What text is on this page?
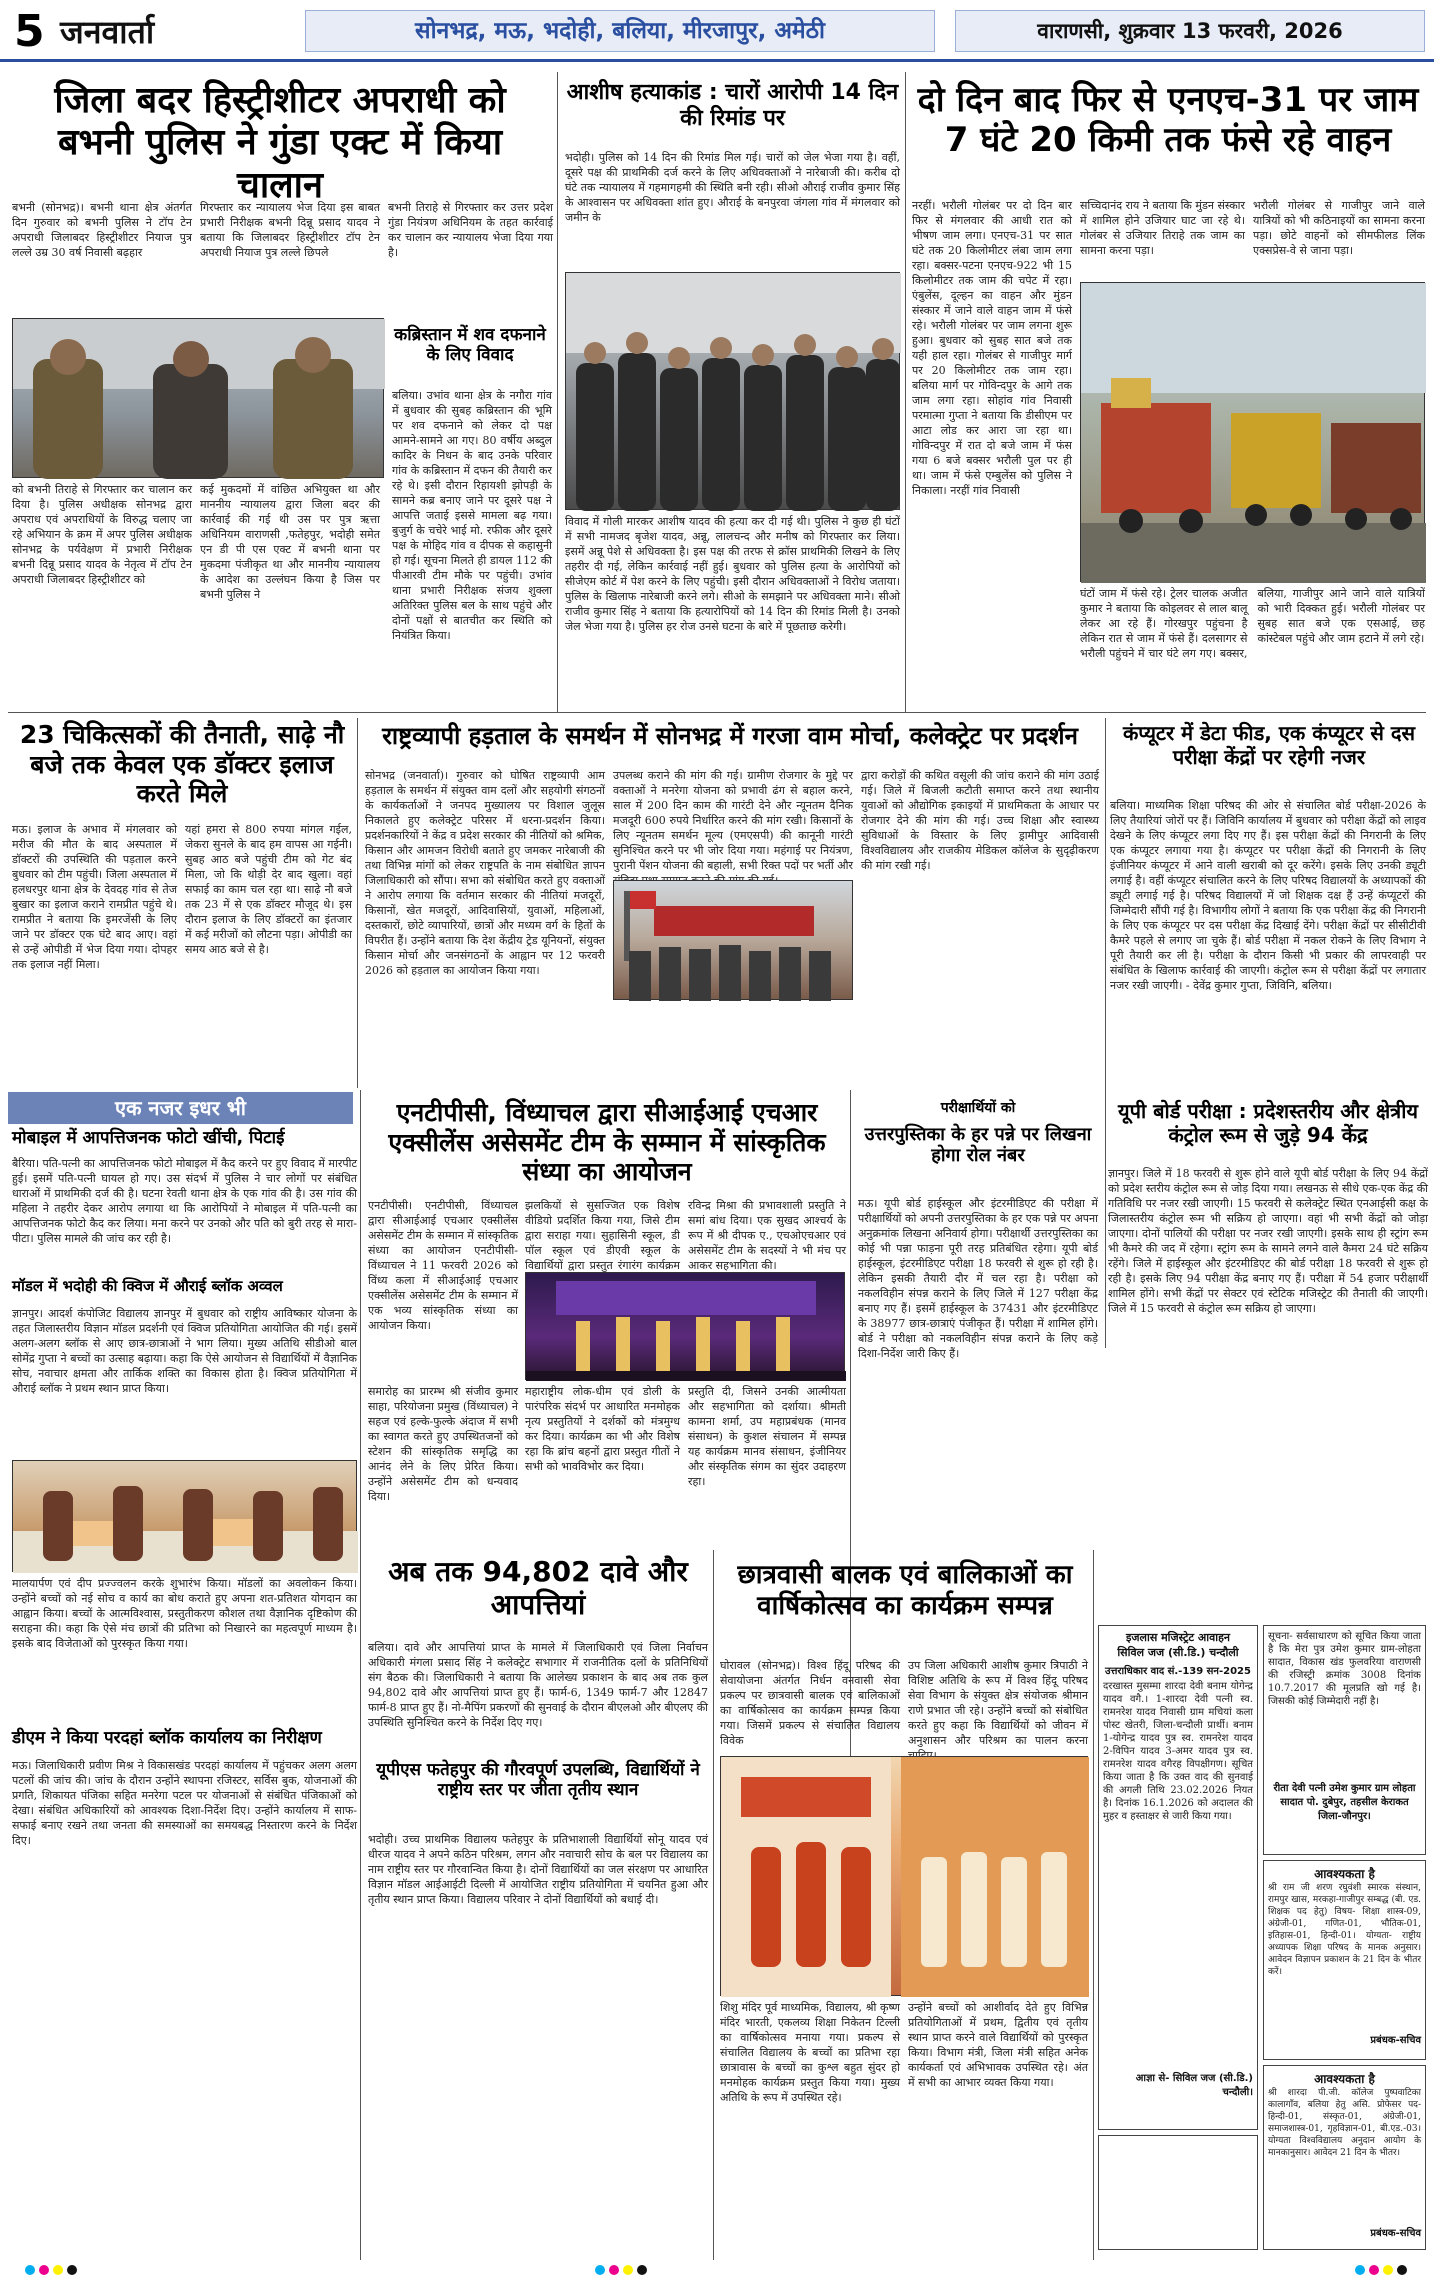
5 जनवार्ता	सोनभद्र, मऊ, भदोही, बलिया, मीरजापुर, अमेठी	वाराणसी, शुक्रवार 13 फरवरी, 2026
जिला बदर हिस्ट्रीशीटर अपराधी को बभनी पुलिस ने गुंडा एक्ट में किया चालान
बभनी (सोनभद्र)। बभनी थाना क्षेत्र अंतर्गत दिन गुरुवार को बभनी पुलिस ने टॉप टेन अपराधी जिलाबदर हिस्ट्रीशीटर नियाज पुत्र लल्ले उम्र 30 वर्ष निवासी बढ़हार
गिरफ्तार कर न्यायालय भेज दिया इस बाबत प्रभारी निरीक्षक बभनी दिन्नू प्रसाद यादव ने बताया कि जिलाबदर हिस्ट्रीशीटर टॉप टेन अपराधी नियाज पुत्र लल्ले छिपले
बभनी तिराहे से गिरफ्तार कर उत्तर प्रदेश गुंडा नियंत्रण अधिनियम के तहत कार्रवाई कर चालान कर न्यायालय भेजा दिया गया है।
को बभनी तिराहे से गिरफ्तार कर चालान कर दिया है। पुलिस अधीक्षक सोनभद्र द्वारा अपराध एवं अपराधियों के विरुद्ध चलाए जा रहे अभियान के क्रम में अपर पुलिस अधीक्षक सोनभद्र के पर्यवेक्षण में प्रभारी निरीक्षक बभनी दिन्नू प्रसाद यादव के नेतृत्व में टॉप टेन अपराधी जिलाबदर हिस्ट्रीशीटर को
कई मुकदमों में वांछित अभियुक्त था और माननीय न्यायालय द्वारा जिला बदर की कार्रवाई की गई थी उस पर पुत्र ऋत्ता अधिनियम वाराणसी ,फतेहपुर, भदोही समेत एन डी पी एस एक्ट में बभनी थाना पर मुकदमा पंजीकृत था और माननीय न्यायालय के आदेश का उल्लंघन किया है जिस पर बभनी पुलिस ने
कब्रिस्तान में शव दफनाने के लिए विवाद
बलिया। उभांव थाना क्षेत्र के नगौरा गांव में बुधवार की सुबह कब्रिस्तान की भूमि पर शव दफनाने को लेकर दो पक्ष आमने-सामने आ गए। 80 वर्षीय अब्दुल कादिर के निधन के बाद उनके परिवार गांव के कब्रिस्तान में दफन की तैयारी कर रहे थे। इसी दौरान रिहायशी झोपड़ी के सामने कब्र बनाए जाने पर दूसरे पक्ष ने आपत्ति जताई इससे मामला बढ़ गया। बुजुर्ग के चचेरे भाई मो. रफीक और दूसरे पक्ष के मोहिद गांव व दीपक से कहासुनी हो गई। सूचना मिलते ही डायल 112 की पीआरवी टीम मौके पर पहुंची। उभांव थाना प्रभारी निरीक्षक संजय शुक्ला अतिरिक्त पुलिस बल के साथ पहुंचे और दोनों पक्षों से बातचीत कर स्थिति को नियंत्रित किया।
आशीष हत्याकांड : चारों आरोपी 14 दिन की रिमांड पर
भदोही। पुलिस को 14 दिन की रिमांड मिल गई। चारों को जेल भेजा गया है। वहीं, दूसरे पक्ष की प्राथमिकी दर्ज करने के लिए अधिवक्ताओं ने नारेबाजी की। करीब दो घंटे तक न्यायालय में गहमागहमी की स्थिति बनी रही। सीओ औराई राजीव कुमार सिंह के आश्वासन पर अधिवक्ता शांत हुए। औराई के बनपुरवा जंगला गांव में मंगलवार को जमीन के
विवाद में गोली मारकर आशीष यादव की हत्या कर दी गई थी। पुलिस ने कुछ ही घंटों में सभी नामजद बृजेश यादव, अन्नू, लालचन्द और मनीष को गिरफ्तार कर लिया। इसमें अन्नू पेशे से अधिवक्ता है। इस पक्ष की तरफ से क्रॉस प्राथमिकी लिखने के लिए तहरीर दी गई, लेकिन कार्रवाई नहीं हुई। बुधवार को पुलिस हत्या के आरोपियों को सीजेएम कोर्ट में पेश करने के लिए पहुंची। इसी दौरान अधिवक्ताओं ने विरोध जताया। पुलिस के खिलाफ नारेबाजी करने लगे। सीओ के समझाने पर अधिवक्ता माने। सीओ राजीव कुमार सिंह ने बताया कि हत्यारोपियों को 14 दिन की रिमांड मिली है। उनको जेल भेजा गया है। पुलिस हर रोज उनसे घटना के बारे में पूछताछ करेगी।
दो दिन बाद फिर से एनएच-31 पर जाम 7 घंटे 20 किमी तक फंसे रहे वाहन
नरहीं। भरौली गोलंबर पर दो दिन बार फिर से मंगलवार की आधी रात को भीषण जाम लगा। एनएच-31 पर सात घंटे तक 20 किलोमीटर लंबा जाम लगा रहा। बक्सर-पटना एनएच-922 भी 15 किलोमीटर तक जाम की चपेट में रहा। एंबुलेंस, दूल्हन का वाहन और मुंडन संस्कार में जाने वाले वाहन जाम में फंसे रहे। भरौली गोलंबर पर जाम लगना शुरू हुआ। बुधवार को सुबह सात बजे तक यही हाल रहा। गोलंबर से गाजीपुर मार्ग पर 20 किलोमीटर तक जाम रहा। बलिया मार्ग पर गोविन्दपुर के आगे तक जाम लगा रहा। सोहांव गांव निवासी परमात्मा गुप्ता ने बताया कि डीसीएम पर आटा लोड कर आरा जा रहा था। गोविन्दपुर में रात दो बजे जाम में फंस गया 6 बजे बक्सर भरौली पुल पर ही था। जाम में फंसे एम्बुलेंस को पुलिस ने निकाला। नरहीं गांव निवासी
सच्चिदानंद राय ने बताया कि मुंडन संस्कार में शामिल होने उजियार घाट जा रहे थे। गोलंबर से उजियार तिराहे तक जाम का सामना करना पड़ा।
भरौली गोलंबर से गाजीपुर जाने वाले यात्रियों को भी कठिनाइयों का सामना करना पड़ा। छोटे वाहनों को सीमफीलड लिंक एक्सप्रेस-वे से जाना पड़ा।
घंटों जाम में फंसे रहे। ट्रेलर चालक अजीत कुमार ने बताया कि कोइलवर से लाल बालू लेकर आ रहे हैं। गोरखपुर पहुंचना है लेकिन रात से जाम में फंसे हैं। दलसागर से भरौली पहुंचने में चार घंटे लग गए। बक्सर, बलिया, गाजीपुर आने जाने वाले यात्रियों को भारी दिक्कत हुई। भरौली गोलंबर पर सुबह सात बजे एक एसआई, छह कांस्टेबल पहुंचे और जाम हटाने में लगे रहे।
23 चिकित्सकों की तैनाती, साढ़े नौ बजे तक केवल एक डॉक्टर इलाज करते मिले
मऊ। इलाज के अभाव में मंगलवार को मरीज की मौत के बाद अस्पताल में डॉक्टरों की उपस्थिति की पड़ताल करने बुधवार को टीम पहुंची। जिला अस्पताल में हलधरपुर थाना क्षेत्र के देवदह गांव से तेज बुखार का इलाज कराने रामप्रीत पहुंचे थे। रामप्रीत ने बताया कि इमरजेंसी के लिए जाने पर डॉक्टर एक घंटे बाद आए। वहां से उन्हें ओपीडी में भेज दिया गया। दोपहर तक इलाज नहीं मिला।
यहां हमरा से 800 रुपया मांगल गईल, जेकरा सुनले के बाद हम वापस आ गईनी। सुबह आठ बजे पहुंची टीम को गेट बंद मिला, जो कि थोड़ी देर बाद खुला। वहां सफाई का काम चल रहा था। साढ़े नौ बजे तक 23 में से एक डॉक्टर मौजूद थे। इस दौरान इलाज के लिए डॉक्टरों का इंतजार में कई मरीजों को लौटना पड़ा। ओपीडी का समय आठ बजे से है।
राष्ट्रव्यापी हड़ताल के समर्थन में सोनभद्र में गरजा वाम मोर्चा, कलेक्ट्रेट पर प्रदर्शन
सोनभद्र (जनवार्ता)। गुरुवार को घोषित राष्ट्रव्यापी आम हड़ताल के समर्थन में संयुक्त वाम दलों और सहयोगी संगठनों के कार्यकर्ताओं ने जनपद मुख्यालय पर विशाल जुलूस निकालते हुए कलेक्ट्रेट परिसर में धरना-प्रदर्शन किया। प्रदर्शनकारियों ने केंद्र व प्रदेश सरकार की नीतियों को श्रमिक, किसान और आमजन विरोधी बताते हुए जमकर नारेबाजी की तथा विभिन्न मांगों को लेकर राष्ट्रपति के नाम संबोधित ज्ञापन जिलाधिकारी को सौंपा। सभा को संबोधित करते हुए वक्ताओं ने आरोप लगाया कि वर्तमान सरकार की नीतियां मजदूरों, किसानों, खेत मजदूरों, आदिवासियों, युवाओं, महिलाओं, दस्तकारों, छोटे व्यापारियों, छात्रों और मध्यम वर्ग के हितों के विपरीत हैं। उन्होंने बताया कि देश केंद्रीय ट्रेड यूनियनों, संयुक्त किसान मोर्चा और जनसंगठनों के आह्वान पर 12 फरवरी 2026 को हड़ताल का आयोजन किया गया।
उपलब्ध कराने की मांग की गई। ग्रामीण रोजगार के मुद्दे पर वक्ताओं ने मनरेगा योजना को प्रभावी ढंग से बहाल करने, साल में 200 दिन काम की गारंटी देने और न्यूनतम दैनिक मजदूरी 600 रुपये निर्धारित करने की मांग रखी। किसानों के लिए न्यूनतम समर्थन मूल्य (एमएसपी) की कानूनी गारंटी सुनिश्चित करने पर भी जोर दिया गया। महंगाई पर नियंत्रण, पुरानी पेंशन योजना की बहाली, सभी रिक्त पदों पर भर्ती और
द्वारा करोड़ों की कथित वसूली की जांच कराने की मांग उठाई गई। जिले में बिजली कटौती समाप्त करने तथा स्थानीय युवाओं को औद्योगिक इकाइयों में प्राथमिकता के आधार पर रोजगार देने की मांग की गई। उच्च शिक्षा और स्वास्थ्य सुविधाओं के विस्तार के लिए ड्रामीपुर आदिवासी विश्वविद्यालय और राजकीय मेडिकल कॉलेज के सुदृढ़ीकरण की मांग रखी गई।
कंप्यूटर में डेटा फीड, एक कंप्यूटर से दस परीक्षा केंद्रों पर रहेगी नजर
बलिया। माध्यमिक शिक्षा परिषद की ओर से संचालित बोर्ड परीक्षा-2026 के लिए तैयारियां जोरों पर हैं। जिविनि कार्यालय में बुधवार को परीक्षा केंद्रों को लाइव देखने के लिए कंप्यूटर लगा दिए गए हैं। इस परीक्षा केंद्रों की निगरानी के लिए एक कंप्यूटर लगाया गया है। कंप्यूटर पर परीक्षा केंद्रों की निगरानी के लिए इंजीनियर कंप्यूटर में आने वाली खराबी को दूर करेंगे। इसके लिए उनकी ड्यूटी लगाई है। वहीं कंप्यूटर संचालित करने के लिए परिषद विद्यालयों के अध्यापकों की ड्यूटी लगाई गई है। परिषद विद्यालयों में जो शिक्षक दक्ष हैं उन्हें कंप्यूटरों की जिम्मेदारी सौंपी गई है। विभागीय लोगों ने बताया कि एक परीक्षा केंद्र की निगरानी के लिए एक कंप्यूटर पर दस परीक्षा केंद्र दिखाई देंगे। परीक्षा केंद्रों पर सीसीटीवी कैमरे पहले से लगाए जा चुके हैं। बोर्ड परीक्षा में नकल रोकने के लिए विभाग ने पूरी तैयारी कर ली है। परीक्षा के दौरान किसी भी प्रकार की लापरवाही पर संबंधित के खिलाफ कार्रवाई की जाएगी। कंट्रोल रूम से परीक्षा केंद्रों पर लगातार नजर रखी जाएगी। - देवेंद्र कुमार गुप्ता, जिविनि, बलिया।
एक नजर इधर भी
मोबाइल में आपत्तिजनक फोटो खींची, पिटाई
बैरिया। पति-पत्नी का आपत्तिजनक फोटो मोबाइल में कैद करने पर हुए विवाद में मारपीट हुई। इसमें पति-पत्नी घायल हो गए। उस संदर्भ में पुलिस ने चार लोगों पर संबंधित धाराओं में प्राथमिकी दर्ज की है। घटना रेवती थाना क्षेत्र के एक गांव की है। उस गांव की महिला ने तहरीर देकर आरोप लगाया था कि आरोपियों ने मोबाइल में पति-पत्नी का आपत्तिजनक फोटो कैद कर लिया। मना करने पर उनको और पति को बुरी तरह से मारा-पीटा। पुलिस मामले की जांच कर रही है।
मॉडल में भदोही की क्विज में औराई ब्लॉक अव्वल
ज्ञानपुर। आदर्श कंपोजिट विद्यालय ज्ञानपुर में बुधवार को राष्ट्रीय आविष्कार योजना के तहत जिलास्तरीय विज्ञान मॉडल प्रदर्शनी एवं क्विज प्रतियोगिता आयोजित की गई। इसमें अलग-अलग ब्लॉक से आए छात्र-छात्राओं ने भाग लिया। मुख्य अतिथि सीडीओ बाल सोमेंद्र गुप्ता ने बच्चों का उत्साह बढ़ाया। कहा कि ऐसे आयोजन से विद्यार्थियों में वैज्ञानिक सोच, नवाचार क्षमता और तार्किक शक्ति का विकास होता है। क्विज प्रतियोगिता में औराई ब्लॉक ने प्रथम स्थान प्राप्त किया।
मालयार्पण एवं दीप प्रज्ज्वलन करके शुभारंभ किया। मॉडलों का अवलोकन किया। उन्होंने बच्चों को नई सोच व कार्य का बोध कराते हुए अपना शत-प्रतिशत योगदान का आह्वान किया। बच्चों के आत्मविश्वास, प्रस्तुतीकरण कौशल तथा वैज्ञानिक दृष्टिकोण की सराहना की। कहा कि ऐसे मंच छात्रों की प्रतिभा को निखारने का महत्वपूर्ण माध्यम है। इसके बाद विजेताओं को पुरस्कृत किया गया।
डीएम ने किया परदहां ब्लॉक कार्यालय का निरीक्षण
मऊ। जिलाधिकारी प्रवीण मिश्र ने विकासखंड परदहां कार्यालय में पहुंचकर अलग अलग पटलों की जांच की। जांच के दौरान उन्होंने स्थापना रजिस्टर, सर्विस बुक, योजनाओं की प्रगति, शिकायत पंजिका सहित मनरेगा पटल पर योजनाओं से संबंधित पंजिकाओं को देखा। संबंधित अधिकारियों को आवश्यक दिशा-निर्देश दिए। उन्होंने कार्यालय में साफ-सफाई बनाए रखने तथा जनता की समस्याओं का समयबद्ध निस्तारण करने के निर्देश दिए।
एनटीपीसी, विंध्याचल द्वारा सीआईआई एचआर एक्सीलेंस असेसमेंट टीम के सम्मान में सांस्कृतिक संध्या का आयोजन
एनटीपीसी। एनटीपीसी, विंध्याचल द्वारा सीआईआई एचआर एक्सीलेंस असेसमेंट टीम के सम्मान में सांस्कृतिक संध्या का आयोजन एनटीपीसी-विंध्याचल ने 11 फरवरी 2026 को विंध्य कला में सीआईआई एचआर एक्सीलेंस असेसमेंट टीम के सम्मान में एक भव्य सांस्कृतिक संध्या का आयोजन किया।
झलकियों से सुसज्जित एक विशेष वीडियो प्रदर्शित किया गया, जिसे टीम द्वारा सराहा गया। सुहासिनी स्कूल, डी पॉल स्कूल एवं डीएवी स्कूल के विद्यार्थियों द्वारा प्रस्तुत रंगारंग कार्यक्रम
रविन्द्र मिश्रा की प्रभावशाली प्रस्तुति ने समां बांध दिया। एक सुखद आश्चर्य के रूप में श्री दीपक ए., एचओएचआर एवं असेसमेंट टीम के सदस्यों ने भी मंच पर आकर सहभागिता की।
समारोह का प्रारम्भ श्री संजीव कुमार साहा, परियोजना प्रमुख (विंध्याचल) ने सहज एवं हल्के-फुल्के अंदाज में सभी का स्वागत करते हुए उपस्थितजनों को स्टेशन की सांस्कृतिक समृद्धि का आनंद लेने के लिए प्रेरित किया। उन्होंने असेसमेंट टीम को धन्यवाद दिया।
महाराष्ट्रीय लोक-धीम एवं डोली के पारंपरिक संदर्भ पर आधारित मनमोहक नृत्य प्रस्तुतियों ने दर्शकों को मंत्रमुग्ध कर दिया। कार्यक्रम का भी और विशेष रहा कि ब्रांच बहनों द्वारा प्रस्तुत गीतों ने सभी को भावविभोर कर दिया।
प्रस्तुति दी, जिसने उनकी आत्मीयता और सहभागिता को दर्शाया। श्रीमती कामना शर्मा, उप महाप्रबंधक (मानव संसाधन) के कुशल संचालन में सम्पन्न यह कार्यक्रम मानव संसाधन, इंजीनियर और संस्कृतिक संगम का सुंदर उदाहरण रहा।
अब तक 94,802 दावे और आपत्तियां
बलिया। दावे और आपत्तियां प्राप्त के मामले में जिलाधिकारी एवं जिला निर्वाचन अधिकारी मंगला प्रसाद सिंह ने कलेक्ट्रेट सभागार में राजनीतिक दलों के प्रतिनिधियों संग बैठक की। जिलाधिकारी ने बताया कि आलेख्य प्रकाशन के बाद अब तक कुल 94,802 दावे और आपत्तियां प्राप्त हुए हैं। फार्म-6, 1349 फार्म-7 और 12847 फार्म-8 प्राप्त हुए हैं। नो-मैपिंग प्रकरणों की सुनवाई के दौरान बीएलओ और बीएलए की उपस्थिति सुनिश्चित करने के निर्देश दिए गए।
यूपीएस फतेहपुर की गौरवपूर्ण उपलब्धि, विद्यार्थियों ने राष्ट्रीय स्तर पर जीता तृतीय स्थान
भदोही। उच्च प्राथमिक विद्यालय फतेहपुर के प्रतिभाशाली विद्यार्थियों सोनू यादव एवं धीरज यादव ने अपने कठिन परिश्रम, लगन और नवाचारी सोच के बल पर विद्यालय का नाम राष्ट्रीय स्तर पर गौरवान्वित किया है। दोनों विद्यार्थियों का जल संरक्षण पर आधारित विज्ञान मॉडल आईआईटी दिल्ली में आयोजित राष्ट्रीय प्रतियोगिता में चयनित हुआ और तृतीय स्थान प्राप्त किया। विद्यालय परिवार ने दोनों विद्यार्थियों को बधाई दी।
छात्रवासी बालक एवं बालिकाओं का वार्षिकोत्सव का कार्यक्रम सम्पन्न
घोरावल (सोनभद्र)। विश्व हिंदू परिषद की सेवायोजना अंतर्गत निर्धन वनवासी सेवा प्रकल्प पर छात्रवासी बालक एवं बालिकाओं का वार्षिकोत्सव का कार्यक्रम सम्पन्न किया गया। जिसमें प्रकल्प से संचालित विद्यालय विवेक
उप जिला अधिकारी आशीष कुमार त्रिपाठी ने विशिष्ट अतिथि के रूप में विश्व हिंदू परिषद सेवा विभाग के संयुक्त क्षेत्र संयोजक श्रीमान राणे प्रभात जी रहे। उन्होंने बच्चों को संबोधित करते हुए कहा कि विद्यार्थियों को जीवन में अनुशासन और परिश्रम का पालन करना
शिशु मंदिर पूर्व माध्यमिक, विद्यालय, श्री कृष्ण मंदिर भारती, एकलव्य शिक्षा निकेतन टिल्ली का वार्षिकोत्सव मनाया गया। प्रकल्प से संचालित विद्यालय के बच्चों का प्रतिभा रहा छात्रावास के बच्चों का कुश्ल बहुत सुंदर हो मनमोहक कार्यक्रम प्रस्तुत किया गया। मुख्य अतिथि के रूप में उपस्थित रहे।
उन्होंने बच्चों को आशीर्वाद देते हुए विभिन्न प्रतियोगिताओं में प्रथम, द्वितीय एवं तृतीय स्थान प्राप्त करने वाले विद्यार्थियों को पुरस्कृत किया। विभाग मंत्री, जिला मंत्री सहित अनेक कार्यकर्ता एवं अभिभावक उपस्थित रहे। अंत में सभी का आभार व्यक्त किया गया।
परीक्षार्थियों को
उत्तरपुस्तिका के हर पन्ने पर लिखना होगा रोल नंबर
मऊ। यूपी बोर्ड हाईस्कूल और इंटरमीडिएट की परीक्षा में परीक्षार्थियों को अपनी उत्तरपुस्तिका के हर एक पन्ने पर अपना अनुक्रमांक लिखना अनिवार्य होगा। परीक्षार्थी उत्तरपुस्तिका का कोई भी पन्ना फाड़ना पूरी तरह प्रतिबंधित रहेगा। यूपी बोर्ड हाईस्कूल, इंटरमीडिएट परीक्षा 18 फरवरी से शुरू हो रही है। लेकिन इसकी तैयारी दौर में चल रहा है। परीक्षा को नकलविहीन संपन्न कराने के लिए जिले में 127 परीक्षा केंद्र बनाए गए हैं। इसमें हाईस्कूल के 37431 और इंटरमीडिएट के 38977 छात्र-छात्राएं पंजीकृत हैं। परीक्षा में शामिल होंगे। बोर्ड ने परीक्षा को नकलविहीन संपन्न कराने के लिए कड़े दिशा-निर्देश जारी किए हैं।
यूपी बोर्ड परीक्षा : प्रदेशस्तरीय और क्षेत्रीय कंट्रोल रूम से जुड़े 94 केंद्र
ज्ञानपुर। जिले में 18 फरवरी से शुरू होने वाले यूपी बोर्ड परीक्षा के लिए 94 केंद्रों को प्रदेश स्तरीय कंट्रोल रूम से जोड़ दिया गया। लखनऊ से सीधे एक-एक केंद्र की गतिविधि पर नजर रखी जाएगी। 15 फरवरी से कलेक्ट्रेट स्थित एनआईसी कक्ष के जिलास्तरीय कंट्रोल रूम भी सक्रिय हो जाएगा। वहां भी सभी केंद्रों को जोड़ा जाएगा। दोनों पालियों की परीक्षा पर नजर रखी जाएगी। इसके साथ ही स्ट्रांग रूम भी कैमरे की जद में रहेगा। स्ट्रांग रूम के सामने लगने वाले कैमरा 24 घंटे सक्रिय रहेंगे। जिले में हाईस्कूल और इंटरमीडिएट की बोर्ड परीक्षा 18 फरवरी से शुरू हो रही है। इसके लिए 94 परीक्षा केंद्र बनाए गए हैं। परीक्षा में 54 हजार परीक्षार्थी शामिल होंगे। सभी केंद्रों पर सेक्टर एवं स्टेटिक मजिस्ट्रेट की तैनाती की जाएगी। जिले में 15 फरवरी से कंट्रोल रूम सक्रिय हो जाएगा।
इजलास मजिस्ट्रेट आवाहन
सिविल जज (सी.डि.) चन्दौली
उत्तराधिकार वाद सं.-139 सन-2025
दरखास्त मुसम्मा शारदा देवी बनाम योगेन्द्र यादव वगै.। 1-शारदा देवी पत्नी स्व. रामनरेश यादव निवासी ग्राम मचियां कला पोस्ट खेतरी, जिला-चन्दौली प्रार्थी। बनाम 1-योगेन्द्र यादव पुत्र स्व. रामनरेश यादव 2-विपिन यादव 3-अमर यादव पुत्र स्व. रामनरेश यादव वगैरह विपक्षीगण। सूचित किया जाता है कि उक्त वाद की सुनवाई की अगली तिथि 23.02.2026 नियत है। दिनांक 16.1.2026 को अदालत की मुहर व हस्ताक्षर से जारी किया गया।
आज्ञा से- सिविल जज (सी.डि.) चन्दौली।
सूचना- सर्वसाधारण को सूचित किया जाता है कि मेरा पुत्र उमेश कुमार ग्राम-लोहता सादात, विकास खंड फुलवरिया वाराणसी की रजिस्ट्री क्रमांक 3008 दिनांक 10.7.2017 की मूलप्रति खो गई है। जिसकी कोई जिम्मेदारी नहीं है।
रीता देवी पत्नी उमेश कुमार ग्राम लोहता सादात पो. दुबेपुर, तहसील केराकत जिला-जौनपुर।
आवश्यकता है
श्री राम जी शरण रघुवंशी स्मारक संस्थान, रामपुर खास, मरकहा-गाजीपुर सम्बद्ध (बी. एड. शिक्षक पद हेतु) विषय- शिक्षा शास्त्र-09, अंग्रेजी-01, गणित-01, भौतिक-01, इतिहास-01, हिन्दी-01। योग्यता- राष्ट्रीय अध्यापक शिक्षा परिषद के मानक अनुसार। आवेदन विज्ञापन प्रकाशन के 21 दिन के भीतर करें।
प्रबंधक-सचिव
आवश्यकता है
श्री शारदा पी.जी. कॉलेज पुष्पवाटिका कालागाँव, बलिया हेतु असि. प्रोफेसर पद- हिन्दी-01, संस्कृत-01, अंग्रेजी-01, समाजशास्त्र-01, गृहविज्ञान-01, बी.एड.-03। योग्यता विश्वविद्यालय अनुदान आयोग के मानकानुसार। आवेदन 21 दिन के भीतर।
प्रबंधक-सचिव
